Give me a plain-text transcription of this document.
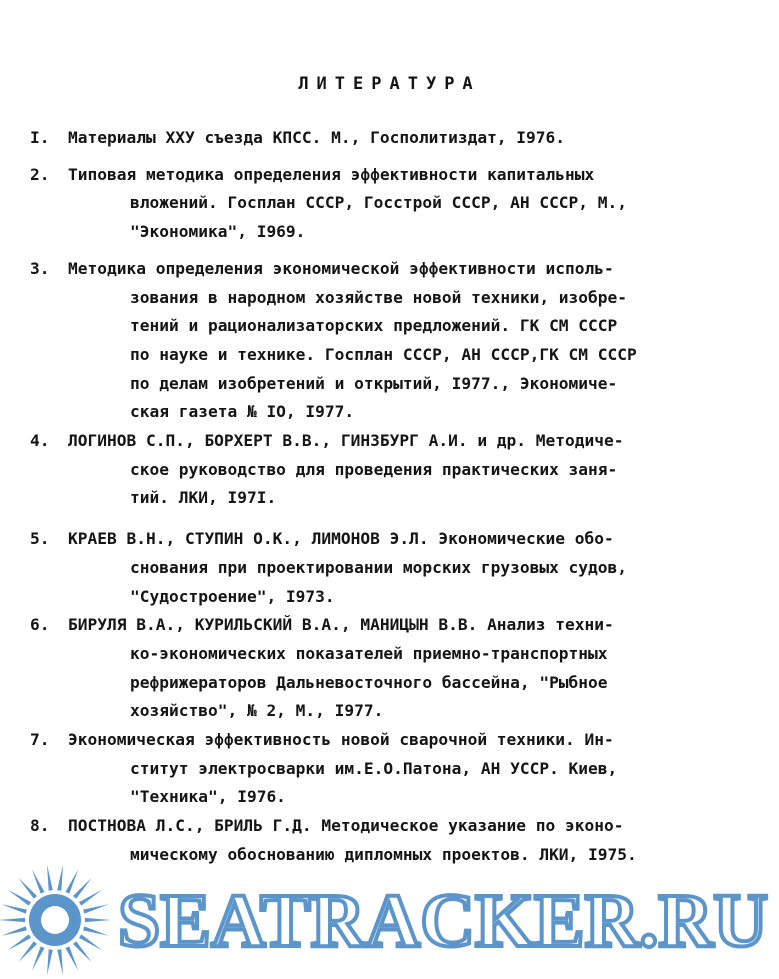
ЛИТЕРАТУРА
I. Материалы XXУ съезда КПСС. М., Госполитиздат, I976.
2. Типовая методика определения эффективности капитальных
вложений. Госплан СССР, Госстрой СССР, АН СССР, М.,
"Экономика", I969.
3. Методика определения экономической эффективности исполь-
зования в народном хозяйстве новой техники, изобре-
тений и рационализаторских предложений. ГК СМ СССР
по науке и технике. Госплан СССР, АН СССР,ГК СМ СССР
по делам изобретений и открытий, I977., Экономиче-
ская газета № IO, I977.
4. ЛОГИНОВ С.П., БОРХЕРТ В.В., ГИНЗБУРГ А.И. и др. Методиче-
ское руководство для проведения практических заня-
тий. ЛКИ, I97I.
5. КРАЕВ В.Н., СТУПИН О.К., ЛИМОНОВ Э.Л. Экономические обо-
снования при проектировании морских грузовых судов,
"Судостроение", I973.
6. БИРУЛЯ В.А., КУРИЛЬСКИЙ В.А., МАНИЦЫН В.В. Анализ техни-
ко-экономических показателей приемно-транспортных
рефрижераторов Дальневосточного бассейна, "Рыбное
хозяйство", № 2, М., I977.
7. Экономическая эффективность новой сварочной техники. Ин-
ститут электросварки им.Е.О.Патона, АН УССР. Киев,
"Техника", I976.
8. ПОСТНОВА Л.С., БРИЛЬ Г.Д. Методическое указание по эконо-
мическому обоснованию дипломных проектов. ЛКИ, I975.
SEATRACKER.RU
